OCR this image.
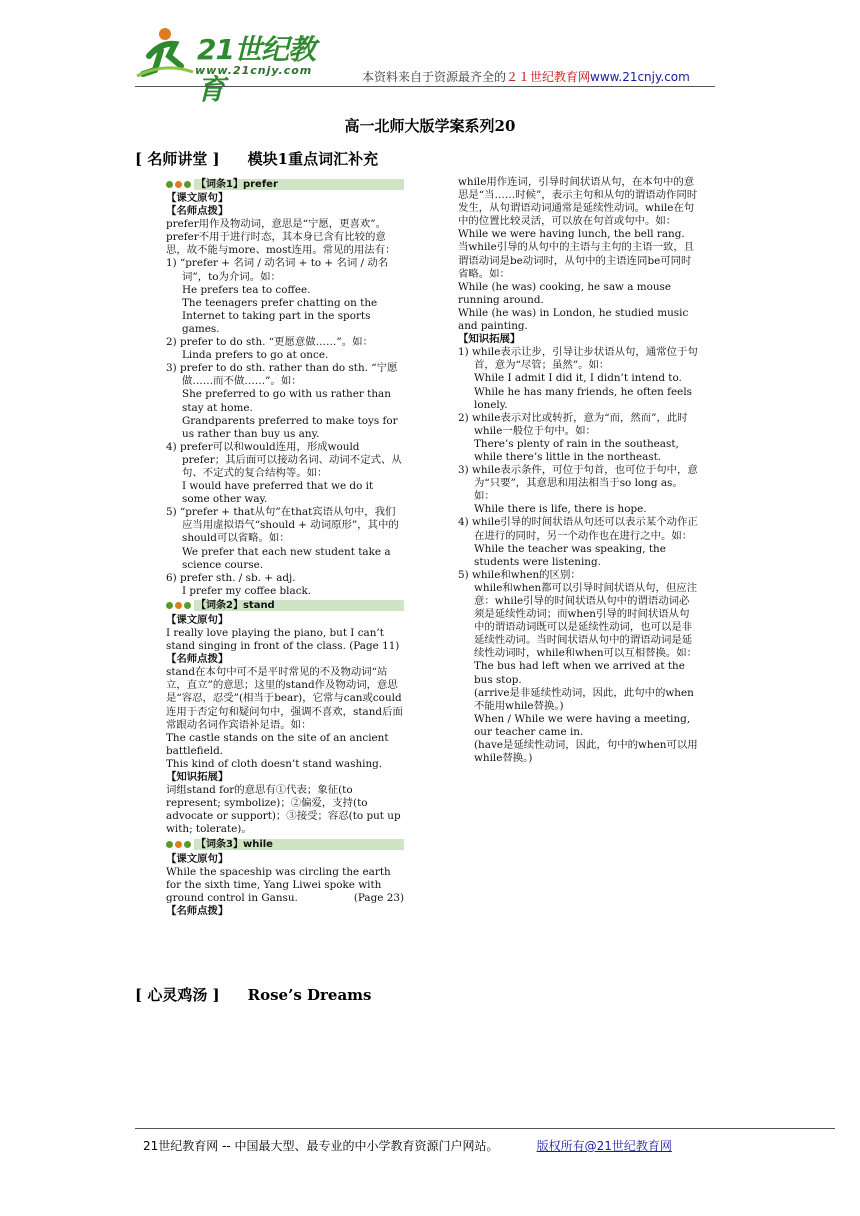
21世纪教育
www.21cnjy.com	本资料来自于资源最齐全的２１世纪教育网www.21cnjy.com
高一北师大版学案系列20
[ 名师讲堂 ] 模块1重点词汇补充
【词条1】prefer

【课文原句】

【名师点拨】

prefer用作及物动词，意思是“宁愿，更喜欢”。prefer不用于进行时态，其本身已含有比较的意思，故不能与more、most连用。常见的用法有：

1) “prefer + 名词 / 动名词 + to + 名词 / 动名词”，to为介词。如：

He prefers tea to coffee.

The teenagers prefer chatting on the Internet to taking part in the sports games.

2) prefer to do sth. “更愿意做……”。如：

Linda prefers to go at once.

3) prefer to do sth. rather than do sth. “宁愿做……而不做……”。如：

She preferred to go with us rather than stay at home.

Grandparents preferred to make toys for us rather than buy us any.

4) prefer可以和would连用，形成would prefer；其后面可以接动名词、动词不定式、从句、不定式的复合结构等。如：

I would have preferred that we do it some other way.

5) “prefer + that从句”在that宾语从句中，我们应当用虚拟语气“should + 动词原形”，其中的should可以省略。如：

We prefer that each new student take a science course.

6) prefer sth. / sb. + adj.

I prefer my coffee black.

【词条2】stand

【课文原句】

I really love playing the piano, but I can’t stand singing in front of the class. (Page 11)

【名师点拨】

stand在本句中可不是平时常见的不及物动词“站立，直立”的意思；这里的stand作及物动词，意思是“容忍，忍受”(相当于bear)，它常与can或could连用于否定句和疑问句中，强调不喜欢，stand后面常跟动名词作宾语补足语。如：

The castle stands on the site of an ancient battlefield.

This kind of cloth doesn’t stand washing.

【知识拓展】

词组stand for的意思有①代表；象征(to represent; symbolize)；②偏爱，支持(to advocate or support)；③接受；容忍(to put up with; tolerate)。

【词条3】while

【课文原句】

While the spaceship was circling the earth for the sixth time, Yang Liwei spoke with ground control in Gansu.	(Page 23)

【名师点拨】

while用作连词，引导时间状语从句，在本句中的意思是“当……时候”，表示主句和从句的谓语动作同时发生，从句谓语动词通常是延续性动词。while在句中的位置比较灵活，可以放在句首或句中。如：

While we were having lunch, the bell rang.

当while引导的从句中的主语与主句的主语一致，且谓语动词是be动词时，从句中的主语连同be可同时省略。如：

While (he was) cooking, he saw a mouse running around.

While (he was) in London, he studied music and painting.

【知识拓展】

1) while表示让步，引导让步状语从句，通常位于句首，意为“尽管；虽然”。如：

While I admit I did it, I didn’t intend to.

While he has many friends, he often feels lonely.

2) while表示对比或转折，意为“而，然而”，此时while一般位于句中。如：

There’s plenty of rain in the southeast, while there’s little in the northeast.

3) while表示条件，可位于句首，也可位于句中，意为“只要”，其意思和用法相当于so long as。如：

While there is life, there is hope.

4) while引导的时间状语从句还可以表示某个动作正在进行的同时，另一个动作也在进行之中。如：

While the teacher was speaking, the students were listening.

5) while和when的区别：

while和when都可以引导时间状语从句，但应注意：while引导的时间状语从句中的谓语动词必须是延续性动词；而when引导的时间状语从句中的谓语动词既可以是延续性动词，也可以是非延续性动词。当时间状语从句中的谓语动词是延续性动词时，while和when可以互相替换。如：

The bus had left when we arrived at the bus stop.

(arrive是非延续性动词，因此，此句中的when不能用while替换。)

When / While we were having a meeting, our teacher came in.

(have是延续性动词，因此，句中的when可以用while替换。)

[ 心灵鸡汤 ] Rose’s Dreams
21世纪教育网 -- 中国最大型、最专业的中小学教育资源门户网站。	版权所有@21世纪教育网
